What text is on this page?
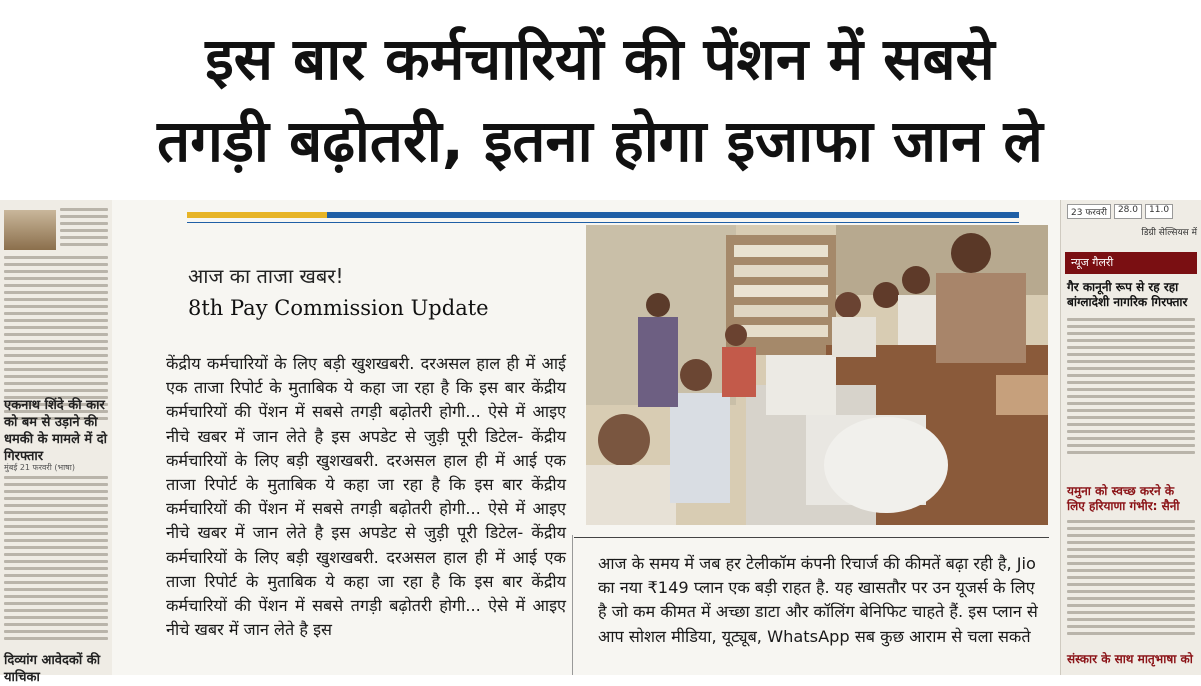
इस बार कर्मचारियों की पेंशन में सबसे
तगड़ी बढ़ोतरी, इतना होगा इजाफा जान ले
एकनाथ शिंदे की कार को बम से उड़ाने की धमकी के मामले में दो गिरफ्तार
मुंबई 21 फरवरी (भाषा)
दिव्यांग आवेदकों की याचिका
आज का ताजा खबर!
8th Pay Commission Update
केंद्रीय कर्मचारियों के लिए बड़ी खुशखबरी. दरअसल हाल ही में आई एक ताजा रिपोर्ट के मुताबिक ये कहा जा रहा है कि इस बार केंद्रीय कर्मचारियों की पेंशन में सबसे तगड़ी बढ़ोतरी होगी... ऐसे में आइए नीचे खबर में जान लेते है इस अपडेट से जुड़ी पूरी डिटेल- केंद्रीय कर्मचारियों के लिए बड़ी खुशखबरी. दरअसल हाल ही में आई एक ताजा रिपोर्ट के मुताबिक ये कहा जा रहा है कि इस बार केंद्रीय कर्मचारियों की पेंशन में सबसे तगड़ी बढ़ोतरी होगी... ऐसे में आइए नीचे खबर में जान लेते है इस अपडेट से जुड़ी पूरी डिटेल- केंद्रीय कर्मचारियों के लिए बड़ी खुशखबरी. दरअसल हाल ही में आई एक ताजा रिपोर्ट के मुताबिक ये कहा जा रहा है कि इस बार केंद्रीय कर्मचारियों की पेंशन में सबसे तगड़ी बढ़ोतरी होगी... ऐसे में आइए नीचे खबर में जान लेते है इस
आज के समय में जब हर टेलीकॉम कंपनी रिचार्ज की कीमतें बढ़ा रही है, Jio का नया ₹149 प्लान एक बड़ी राहत है. यह खासतौर पर उन यूजर्स के लिए है जो कम कीमत में अच्छा डाटा और कॉलिंग बेनिफिट चाहते हैं. इस प्लान से आप सोशल मीडिया, यूट्यूब, WhatsApp सब कुछ आराम से चला सकते
23 फरवरी	28.0	11.0
डिग्री सेल्सियस में
न्यूज गैलरी
गैर कानूनी रूप से रह रहा बांग्लादेशी नागरिक गिरफ्तार
यमुना को स्वच्छ करने के लिए हरियाणा गंभीर: सैनी
संस्कार के साथ मातृभाषा को
